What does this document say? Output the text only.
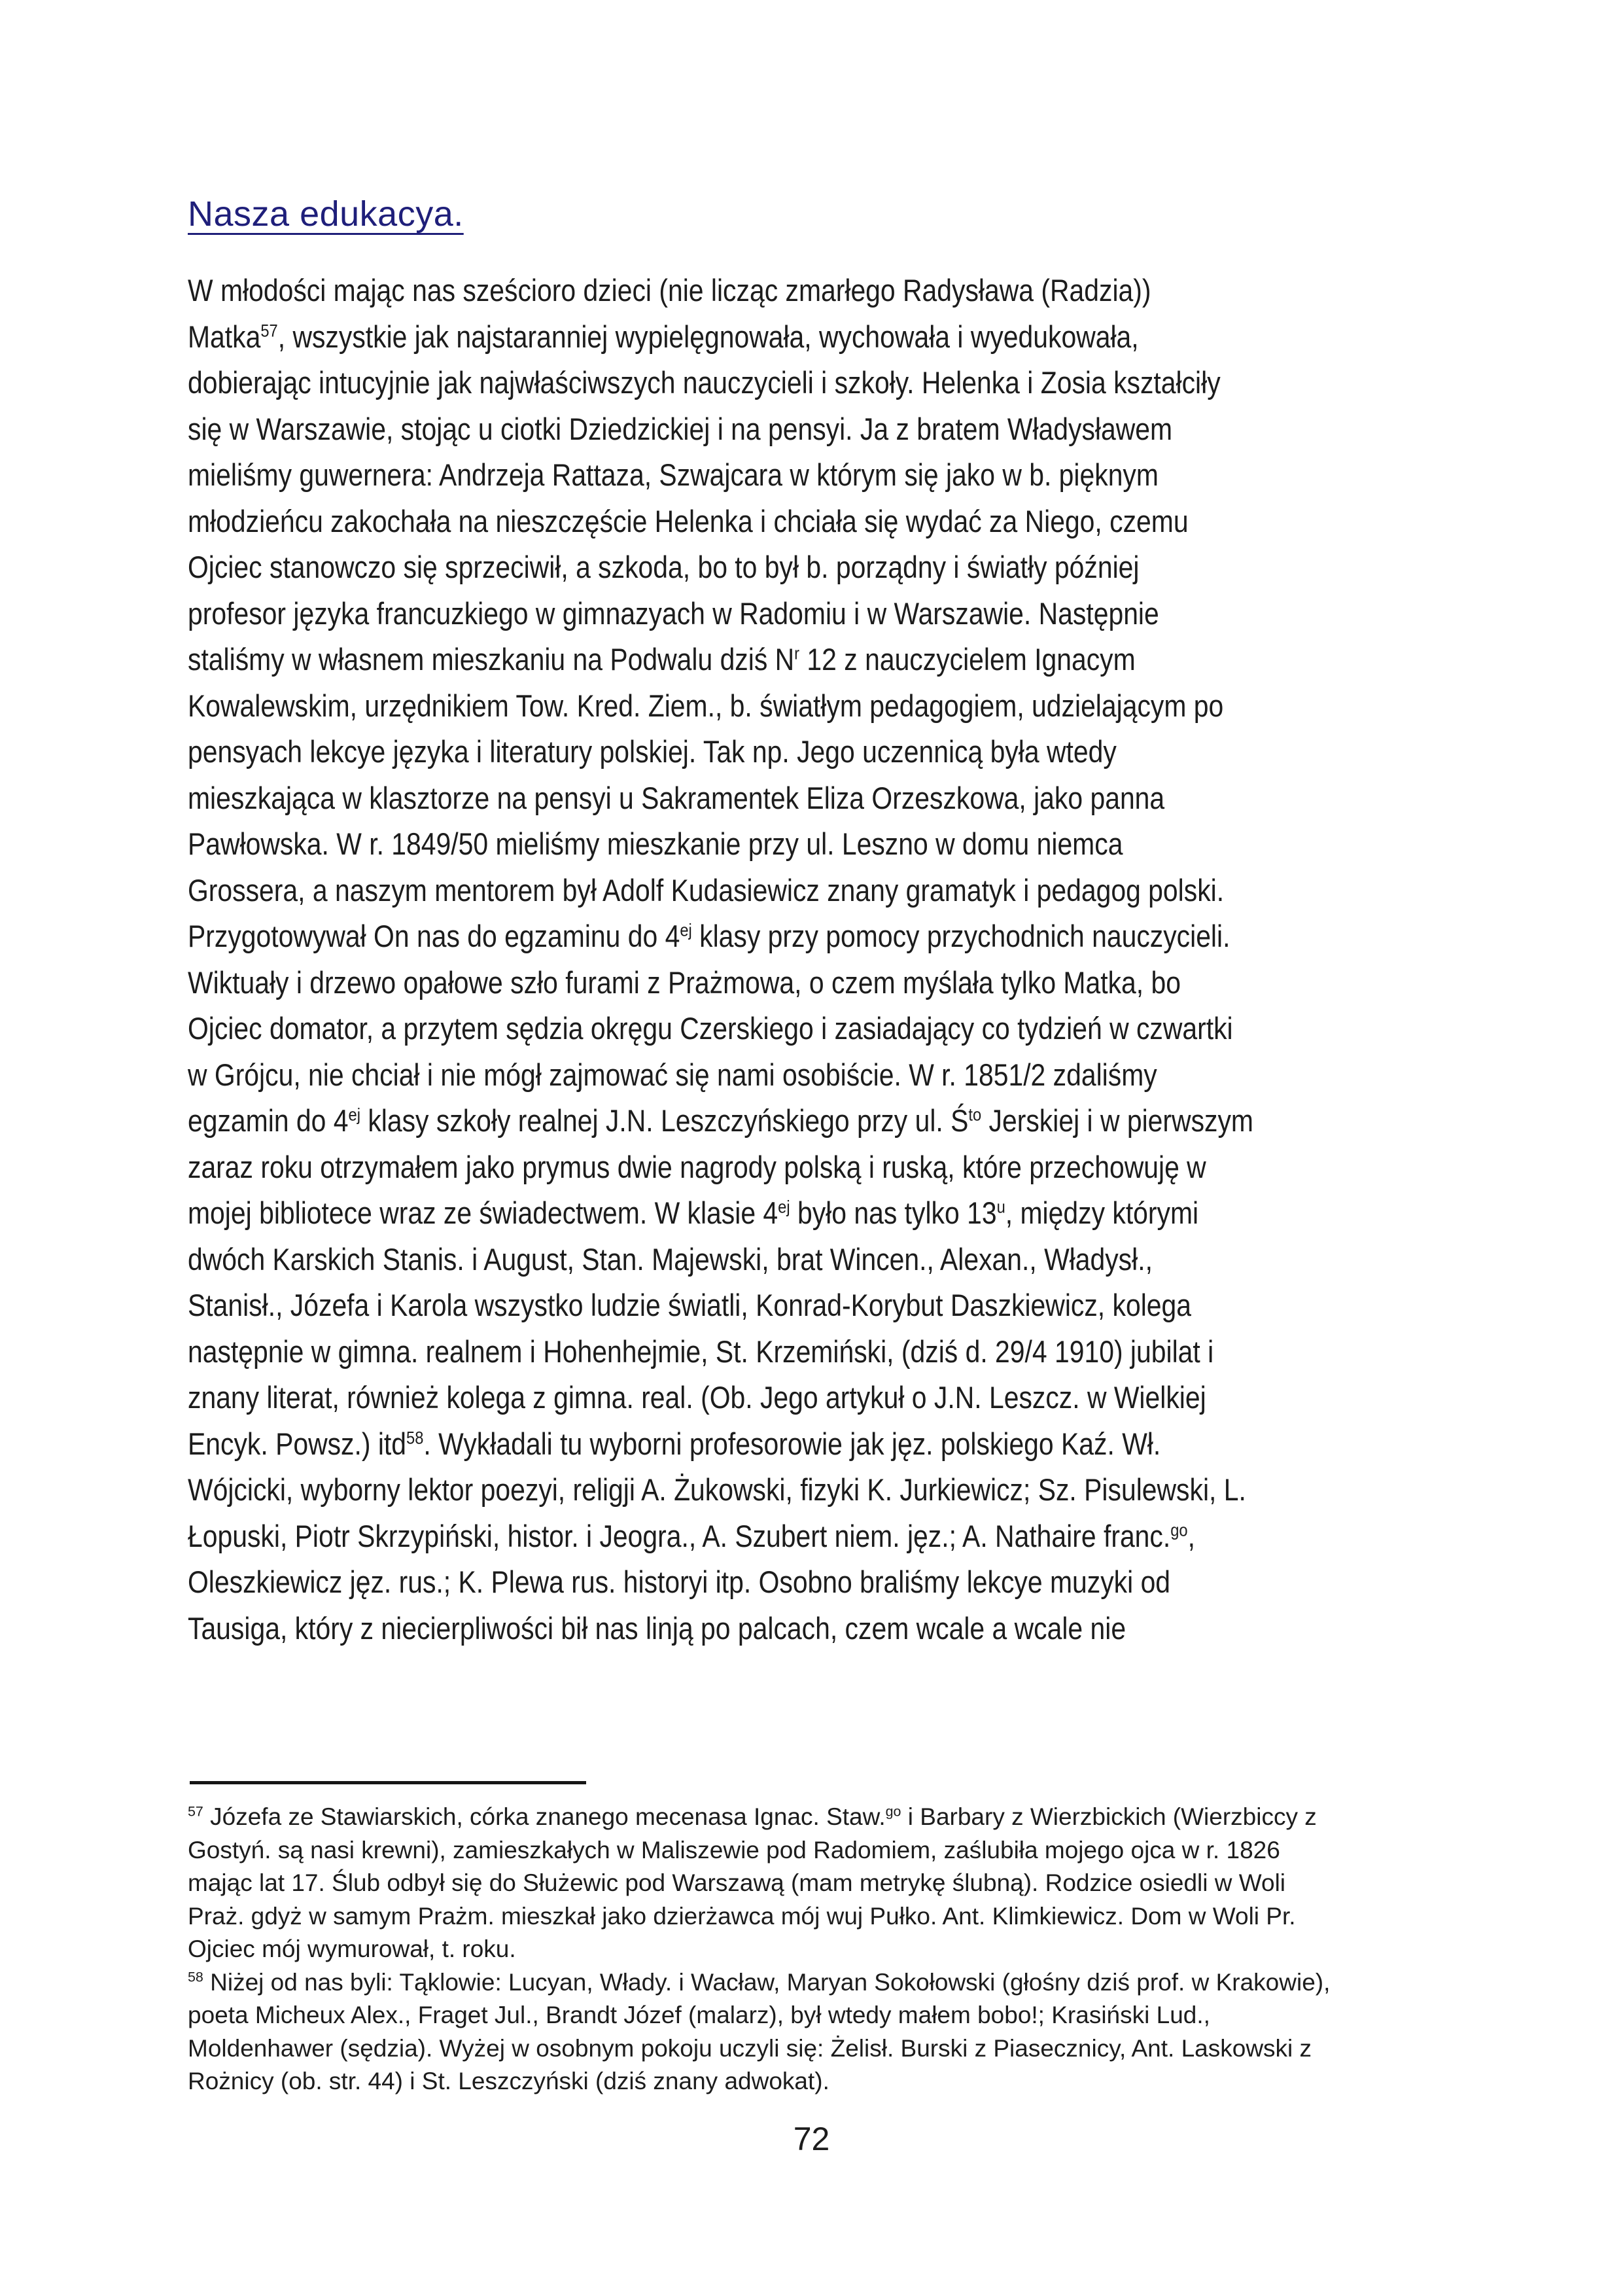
Nasza edukacya.
W młodości mając nas sześcioro dzieci (nie licząc zmarłego Radysława (Radzia))
Matka$^{57}$, wszystkie jak najstaranniej wypielęgnowała, wychowała i wyedukowała,
dobierając intucyjnie jak najwłaściwszych nauczycieli i szkoły. Helenka i Zosia kształciły
się w Warszawie, stojąc u ciotki Dziedzickiej i na pensyi. Ja z bratem Władysławem
mieliśmy guwernera: Andrzeja Rattaza, Szwajcara w którym się jako w b. pięknym
młodzieńcu zakochała na nieszczęście Helenka i chciała się wydać za Niego, czemu
Ojciec stanowczo się sprzeciwił, a szkoda, bo to był b. porządny i światły później
profesor języka francuzkiego w gimnazyach w Radomiu i w Warszawie. Następnie
staliśmy w własnem mieszkaniu na Podwalu dziś $N^r$ 12 z nauczycielem Ignacym
Kowalewskim, urzędnikiem Tow. Kred. Ziem., b. światłym pedagogiem, udzielającym po
pensyach lekcye języka i literatury polskiej. Tak np. Jego uczennicą była wtedy
mieszkająca w klasztorze na pensyi u Sakramentek Eliza Orzeszkowa, jako panna
Pawłowska. W r. 1849/50 mieliśmy mieszkanie przy ul. Leszno w domu niemca
Grossera, a naszym mentorem był Adolf Kudasiewicz znany gramatyk i pedagog polski.
Przygotowywał On nas do egzaminu do $4^{ej}$ klasy przy pomocy przychodnich nauczycieli.
Wiktuały i drzewo opałowe szło furami z Prażmowa, o czem myślała tylko Matka, bo
Ojciec domator, a przytem sędzia okręgu Czerskiego i zasiadający co tydzień w czwartki
w Grójcu, nie chciał i nie mógł zajmować się nami osobiście. W r. 1851/2 zdaliśmy
egzamin do $4^{ej}$ klasy szkoły realnej J.N. Leszczyńskiego przy ul. $Ś^{to}$ Jerskiej i w pierwszym
zaraz roku otrzymałem jako prymus dwie nagrody polską i ruską, które przechowuję w
mojej bibliotece wraz ze świadectwem. W klasie $4^{ej}$ było nas tylko 13$^u$, między którymi
dwóch Karskich Stanis. i August, Stan. Majewski, brat Wincen., Alexan., Władysł.,
Stanisł., Józefa i Karola wszystko ludzie światli, Konrad-Korybut Daszkiewicz, kolega
następnie w gimna. realnem i Hohenhejmie, St. Krzemiński, (dziś d. 29/4 1910) jubilat i
znany literat, również kolega z gimna. real. (Ob. Jego artykuł o J.N. Leszcz. w Wielkiej
Encyk. Powsz.) itd$^{58}$. Wykładali tu wyborni profesorowie jak jęz. polskiego Kaź. Wł.
Wójcicki, wyborny lektor poezyi, religji A. Żukowski, fizyki K. Jurkiewicz; Sz. Pisulewski, L.
Łopuski, Piotr Skrzypiński, histor. i Jeogra., A. Szubert niem. jęz.; A. Nathaire franc.$^{go}$,
Oleszkiewicz jęz. rus.; K. Plewa rus. historyi itp. Osobno braliśmy lekcye muzyki od
Tausiga, który z niecierpliwości bił nas linją po palcach, czem wcale a wcale nie
$^{57}$ Józefa ze Stawiarskich, córka znanego mecenasa Ignac. Staw.$^{go}$ i Barbary z Wierzbickich (Wierzbiccy z
Gostyń. są nasi krewni), zamieszkałych w Maliszewie pod Radomiem, zaślubiła mojego ojca w r. 1826
mając lat 17. Ślub odbył się do Służewic pod Warszawą (mam metrykę ślubną). Rodzice osiedli w Woli
Praż. gdyż w samym Prażm. mieszkał jako dzierżawca mój wuj Pułko. Ant. Klimkiewicz. Dom w Woli Pr.
Ojciec mój wymurował, t. roku.
$^{58}$ Niżej od nas byli: Tąklowie: Lucyan, Włady. i Wacław, Maryan Sokołowski (głośny dziś prof. w Krakowie),
poeta Micheux Alex., Fraget Jul., Brandt Józef (malarz), był wtedy małem bobo!; Krasiński Lud.,
Moldenhawer (sędzia). Wyżej w osobnym pokoju uczyli się: Żelisł. Burski z Piasecznicy, Ant. Laskowski z
Rożnicy (ob. str. 44) i St. Leszczyński (dziś znany adwokat).
72
